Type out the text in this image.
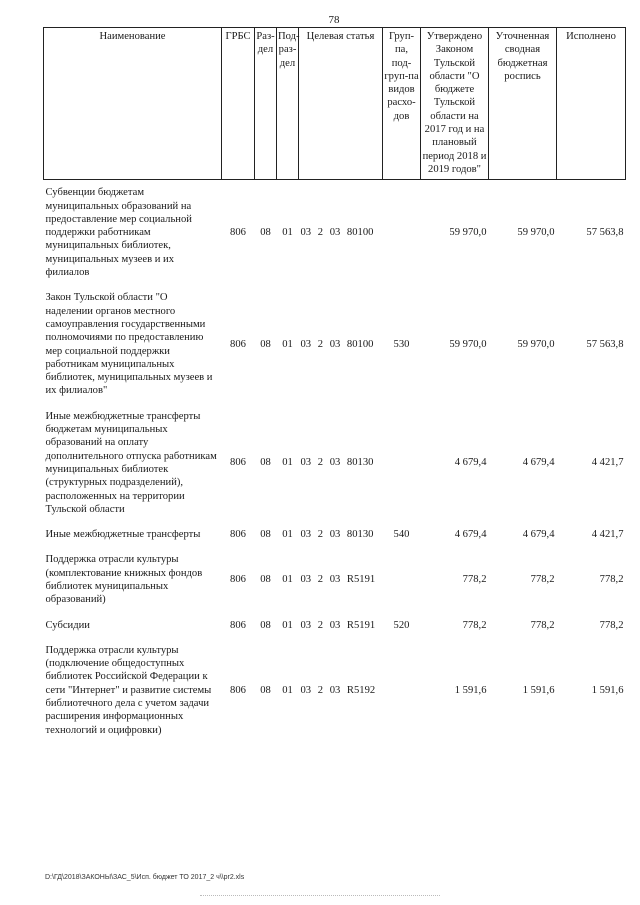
78
Наименование	ГРБС	Раз-дел	Под-раз-дел	Целевая статья	Груп-па, под-груп-па видов расхо-дов	Утверждено Законом Тульской области "О бюджете Тульской области на 2017 год и на плановый период 2018 и 2019 годов"	Уточненная сводная бюджетная роспись	Исполнено
Субвенции бюджетам муниципальных образований на предоставление мер социальной поддержки работникам муниципальных библиотек, муниципальных музеев и их филиалов	806	08	01	03 2 03 80100		59 970,0	59 970,0	57 563,8
Закон Тульской области "О наделении органов местного самоуправления государственными полномочиями по предоставлению мер социальной поддержки работникам муниципальных библиотек, муниципальных музеев и их филиалов"	806	08	01	03 2 03 80100	530	59 970,0	59 970,0	57 563,8
Иные межбюджетные трансферты бюджетам муниципальных образований на оплату дополнительного отпуска работникам муниципальных библиотек (структурных подразделений), расположенных на территории Тульской области	806	08	01	03 2 03 80130		4 679,4	4 679,4	4 421,7
Иные межбюджетные трансферты	806	08	01	03 2 03 80130	540	4 679,4	4 679,4	4 421,7
Поддержка отрасли культуры (комплектование книжных фондов библиотек муниципальных образований)	806	08	01	03 2 03 R5191		778,2	778,2	778,2
Субсидии	806	08	01	03 2 03 R5191	520	778,2	778,2	778,2
Поддержка отрасли культуры (подключение общедоступных библиотек Российской Федерации к сети "Интернет" и развитие системы библиотечного дела с учетом задачи расширения информационных технологий и оцифровки)	806	08	01	03 2 03 R5192		1 591,6	1 591,6	1 591,6
D:\ГД\2018\ЗАКОНЫ\ЗАС_5\Исп. бюджет ТО 2017_2 ч\\pr2.xls
